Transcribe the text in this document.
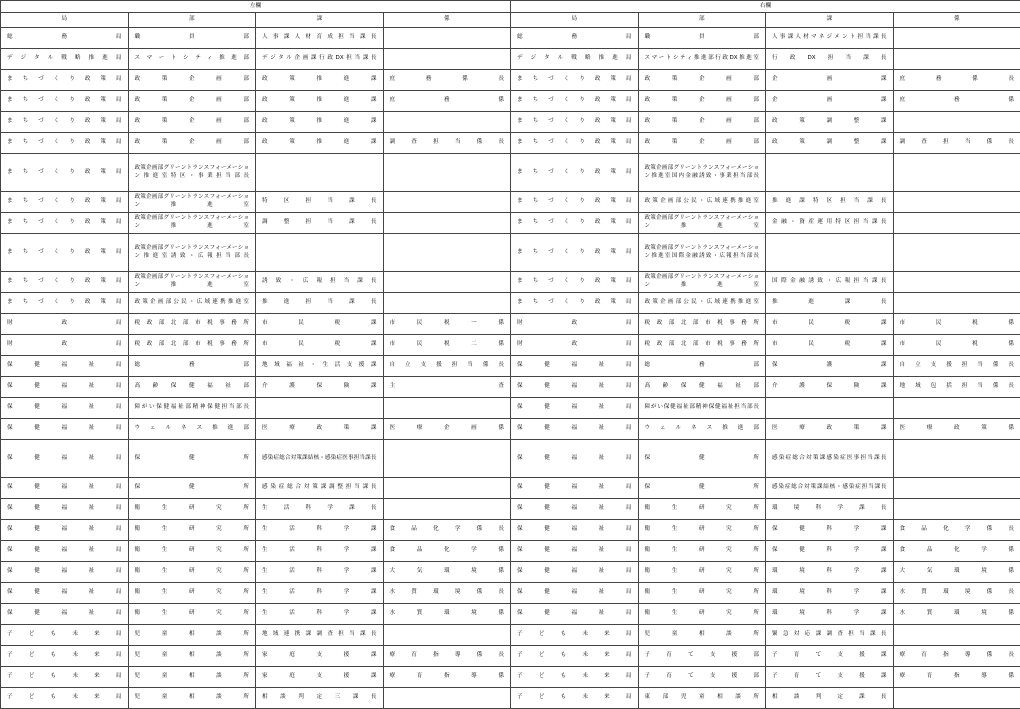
左欄				右欄			
局	部	課	係	局	部	課	係
総務局	職員部	人事課人材育成担当課長		総務局	職員部	人事課人材マネジメント担当課長	
デジタル戦略推進局	スマートシティ推進部	デジタル企画課行政DX担当課長		デジタル戦略推進局	スマートシティ推進部行政DX推進室	行政DX担当課長	
まちづくり政策局	政策企画部	政策推進課	庶務係長	まちづくり政策局	政策企画部	企画課	庶務係長
まちづくり政策局	政策企画部	政策推進課	庶務係	まちづくり政策局	政策企画部	企画課	庶務係
まちづくり政策局	政策企画部	政策推進課		まちづくり政策局	政策企画部	政策調整課	
まちづくり政策局	政策企画部	政策推進課	調査担当係長	まちづくり政策局	政策企画部	政策調整課	調査担当係長
まちづくり政策局	政策企画部グリーントランスフォーメーション推進室特区・事業担当部長			まちづくり政策局	政策企画部グリーントランスフォーメーション推進室国内金融誘致・事業担当部長		
まちづくり政策局	政策企画部グリーントランスフォーメーション推進室	特区担当課長		まちづくり政策局	政策企画部公民・広域連携推進室	推進課特区担当課長	
まちづくり政策局	政策企画部グリーントランスフォーメーション推進室	調整担当課長		まちづくり政策局	政策企画部グリーントランスフォーメーション推進室	金融・資産運用特区担当課長	
まちづくり政策局	政策企画部グリーントランスフォーメーション推進室誘致・広報担当部長			まちづくり政策局	政策企画部グリーントランスフォーメーション推進室国際金融誘致・広報担当部長		
まちづくり政策局	政策企画部グリーントランスフォーメーション推進室	誘致・広報担当課長		まちづくり政策局	政策企画部グリーントランスフォーメーション推進室	国際金融誘致・広報担当課長	
まちづくり政策局	政策企画部公民・広域連携推進室	推進担当課長		まちづくり政策局	政策企画部公民・広域連携推進室	推進課長	
財政局	税政部北部市税事務所	市民税課	市民税一係	財政局	税政部北部市税事務所	市民税課	市民税係
財政局	税政部北部市税事務所	市民税課	市民税二係	財政局	税政部北部市税事務所	市民税課	市民税係
保健福祉局	総務部	地域福祉・生活支援課	自立支援担当係長	保健福祉局	総務部	保護課	自立支援担当係長
保健福祉局	高齢保健福祉部	介護保険課	主査	保健福祉局	高齢保健福祉部	介護保険課	地域包括担当係長
保健福祉局	障がい保健福祉部精神保健担当部長			保健福祉局	障がい保健福祉部精神保健福祉担当部長		
保健福祉局	ウェルネス推進部	医療政策課	医療企画係	保健福祉局	ウェルネス推進部	医療政策課	医療政策係
保健福祉局	保健所	感染症総合対策課結核・感染症医事担当課長		保健福祉局	保健所	感染症総合対策課感染症医事担当課長	
保健福祉局	保健所	感染症総合対策課調整担当課長		保健福祉局	保健所	感染症総合対策課結核・感染症担当課長	
保健福祉局	衛生研究所	生活科学課長		保健福祉局	衛生研究所	環境科学課長	
保健福祉局	衛生研究所	生活科学課	食品化学係長	保健福祉局	衛生研究所	保健科学課	食品化学係長
保健福祉局	衛生研究所	生活科学課	食品化学係	保健福祉局	衛生研究所	保健科学課	食品化学係
保健福祉局	衛生研究所	生活科学課	大気環境係	保健福祉局	衛生研究所	環境科学課	大気環境係
保健福祉局	衛生研究所	生活科学課	水質環境係長	保健福祉局	衛生研究所	環境科学課	水質環境係長
保健福祉局	衛生研究所	生活科学課	水質環境係	保健福祉局	衛生研究所	環境科学課	水質環境係
子ども未来局	児童相談所	地域連携課調査担当課長		子ども未来局	児童相談所	緊急対応課調査担当課長	
子ども未来局	児童相談所	家庭支援課	療育指導係長	子ども未来局	子育て支援部	子育て支援課	療育指導係長
子ども未来局	児童相談所	家庭支援課	療育指導係	子ども未来局	子育て支援部	子育て支援課	療育指導係
子ども未来局	児童相談所	相談判定三課長		子ども未来局	東部児童相談所	相談判定課長	
